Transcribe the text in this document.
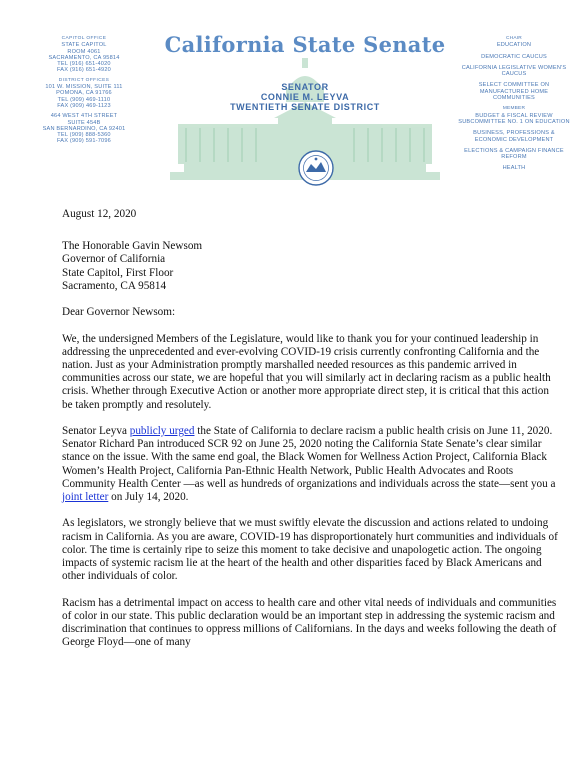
CAPITOL OFFICE
STATE CAPITOL
ROOM 4061
SACRAMENTO, CA 95814
TEL (916) 651-4020
FAX (916) 651-4920
DISTRICT OFFICES
101 W. MISSION, SUITE 111
POMONA, CA 91766
TEL (909) 469-1110
FAX (909) 469-1123
464 WEST 4TH STREET
SUITE 454B
SAN BERNARDINO, CA 92401
TEL (909) 888-5360
FAX (909) 591-7096
California State Senate
SENATOR
CONNIE M. LEYVA
TWENTIETH SENATE DISTRICT
CHAIR
EDUCATION
DEMOCRATIC CAUCUS
CALIFORNIA LEGISLATIVE WOMEN'S CAUCUS
SELECT COMMITTEE ON MANUFACTURED HOME COMMUNITIES
MEMBER
BUDGET & FISCAL REVIEW SUBCOMMITTEE NO. 1 ON EDUCATION
BUSINESS, PROFESSIONS & ECONOMIC DEVELOPMENT
ELECTIONS & CAMPAIGN FINANCE REFORM
HEALTH

August 12, 2020

The Honorable Gavin Newsom
Governor of California
State Capitol, First Floor
Sacramento, CA 95814

Dear Governor Newsom:

We, the undersigned Members of the Legislature, would like to thank you for your continued leadership in addressing the unprecedented and ever-evolving COVID-19 crisis currently confronting California and the nation. Just as your Administration promptly marshalled needed resources as this pandemic arrived in communities across our state, we are hopeful that you will similarly act in declaring racism as a public health crisis. Whether through Executive Action or another more appropriate direct step, it is critical that this action be taken promptly and resolutely.

Senator Leyva publicly urged the State of California to declare racism a public health crisis on June 11, 2020. Senator Richard Pan introduced SCR 92 on June 25, 2020 noting the California State Senate’s clear similar stance on the issue. With the same end goal, the Black Women for Wellness Action Project, California Black Women’s Health Project, California Pan-Ethnic Health Network, Public Health Advocates and Roots Community Health Center —as well as hundreds of organizations and individuals across the state—sent you a joint letter on July 14, 2020.

As legislators, we strongly believe that we must swiftly elevate the discussion and actions related to undoing racism in California. As you are aware, COVID-19 has disproportionately hurt communities and individuals of color. The time is certainly ripe to seize this moment to take decisive and unapologetic action. The ongoing impacts of systemic racism lie at the heart of the health and other disparities faced by Black Americans and other individuals of color.

Racism has a detrimental impact on access to health care and other vital needs of individuals and communities of color in our state. This public declaration would be an important step in addressing the systemic racism and discrimination that continues to oppress millions of Californians. In the days and weeks following the death of George Floyd—one of many
